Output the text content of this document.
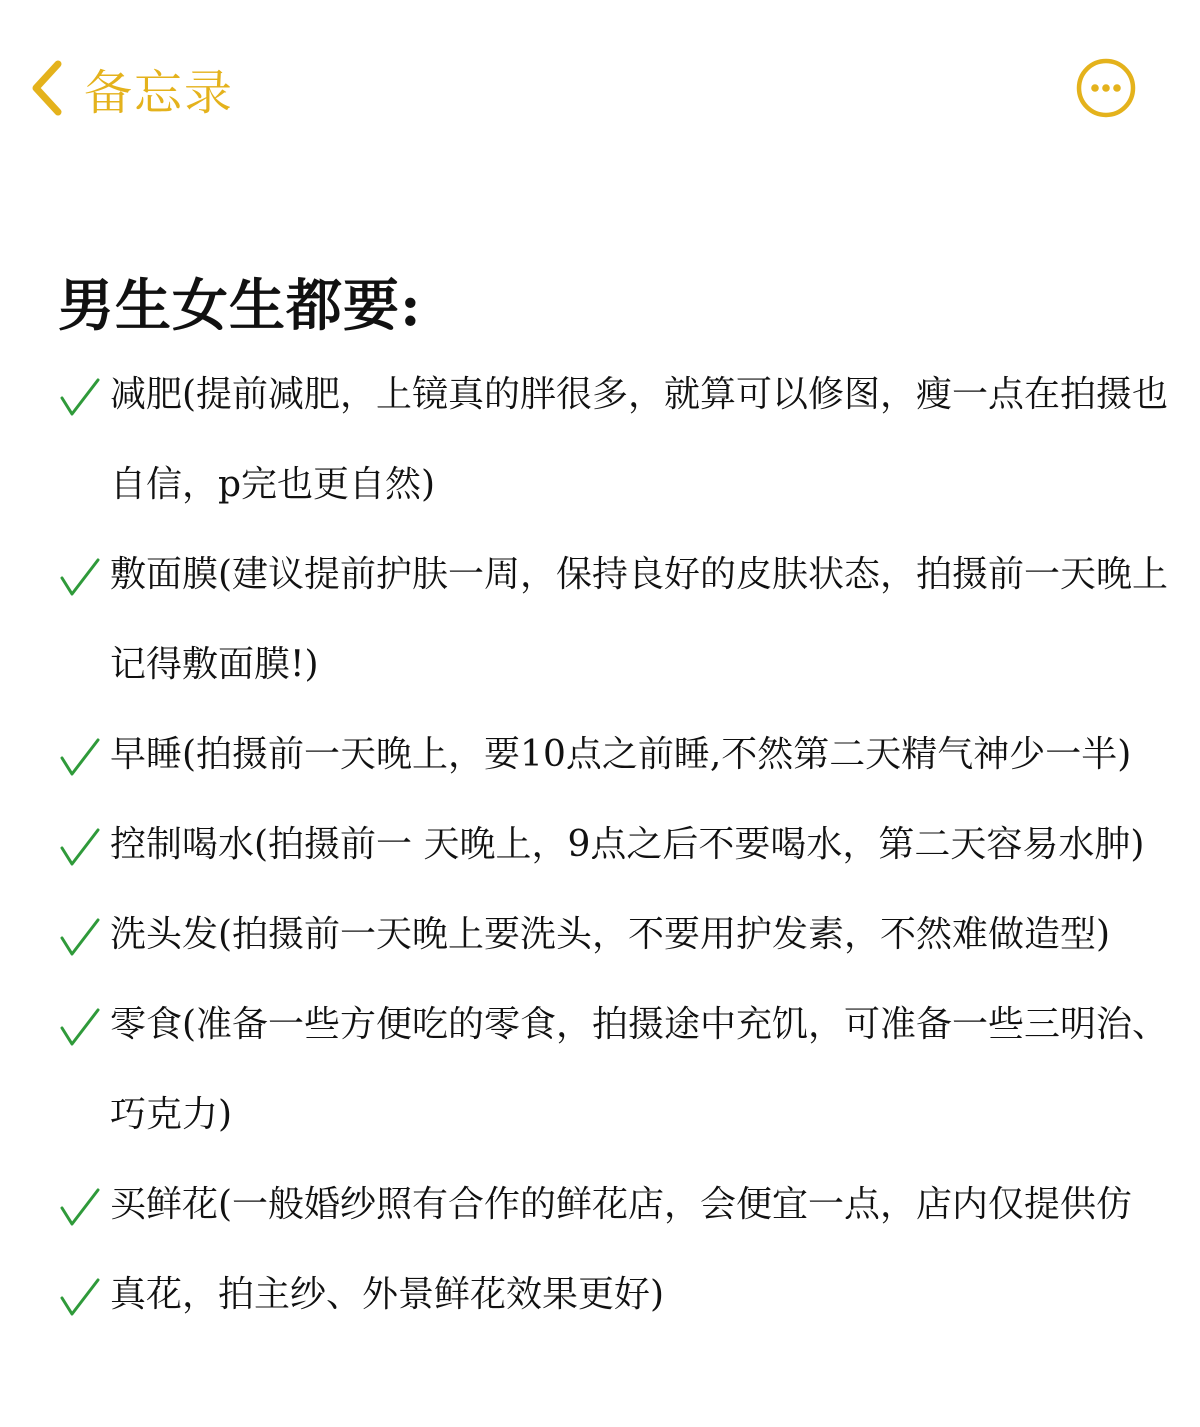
备忘录
男生女生都要:
减肥(提前减肥，上镜真的胖很多，就算可以修图，瘦一点在拍摄也自信，p完也更自然)
敷面膜(建议提前护肤一周，保持良好的皮肤状态，拍摄前一天晚上记得敷面膜!)
早睡(拍摄前一天晚上，要10点之前睡,不然第二天精气神少一半)
控制喝水(拍摄前一 天晚上，9点之后不要喝水，第二天容易水肿)
洗头发(拍摄前一天晚上要洗头，不要用护发素，不然难做造型)
零食(准备一些方便吃的零食，拍摄途中充饥，可准备一些三明治、巧克力)
买鲜花(一般婚纱照有合作的鲜花店，会便宜一点，店内仅提供仿
真花，拍主纱、外景鲜花效果更好)
